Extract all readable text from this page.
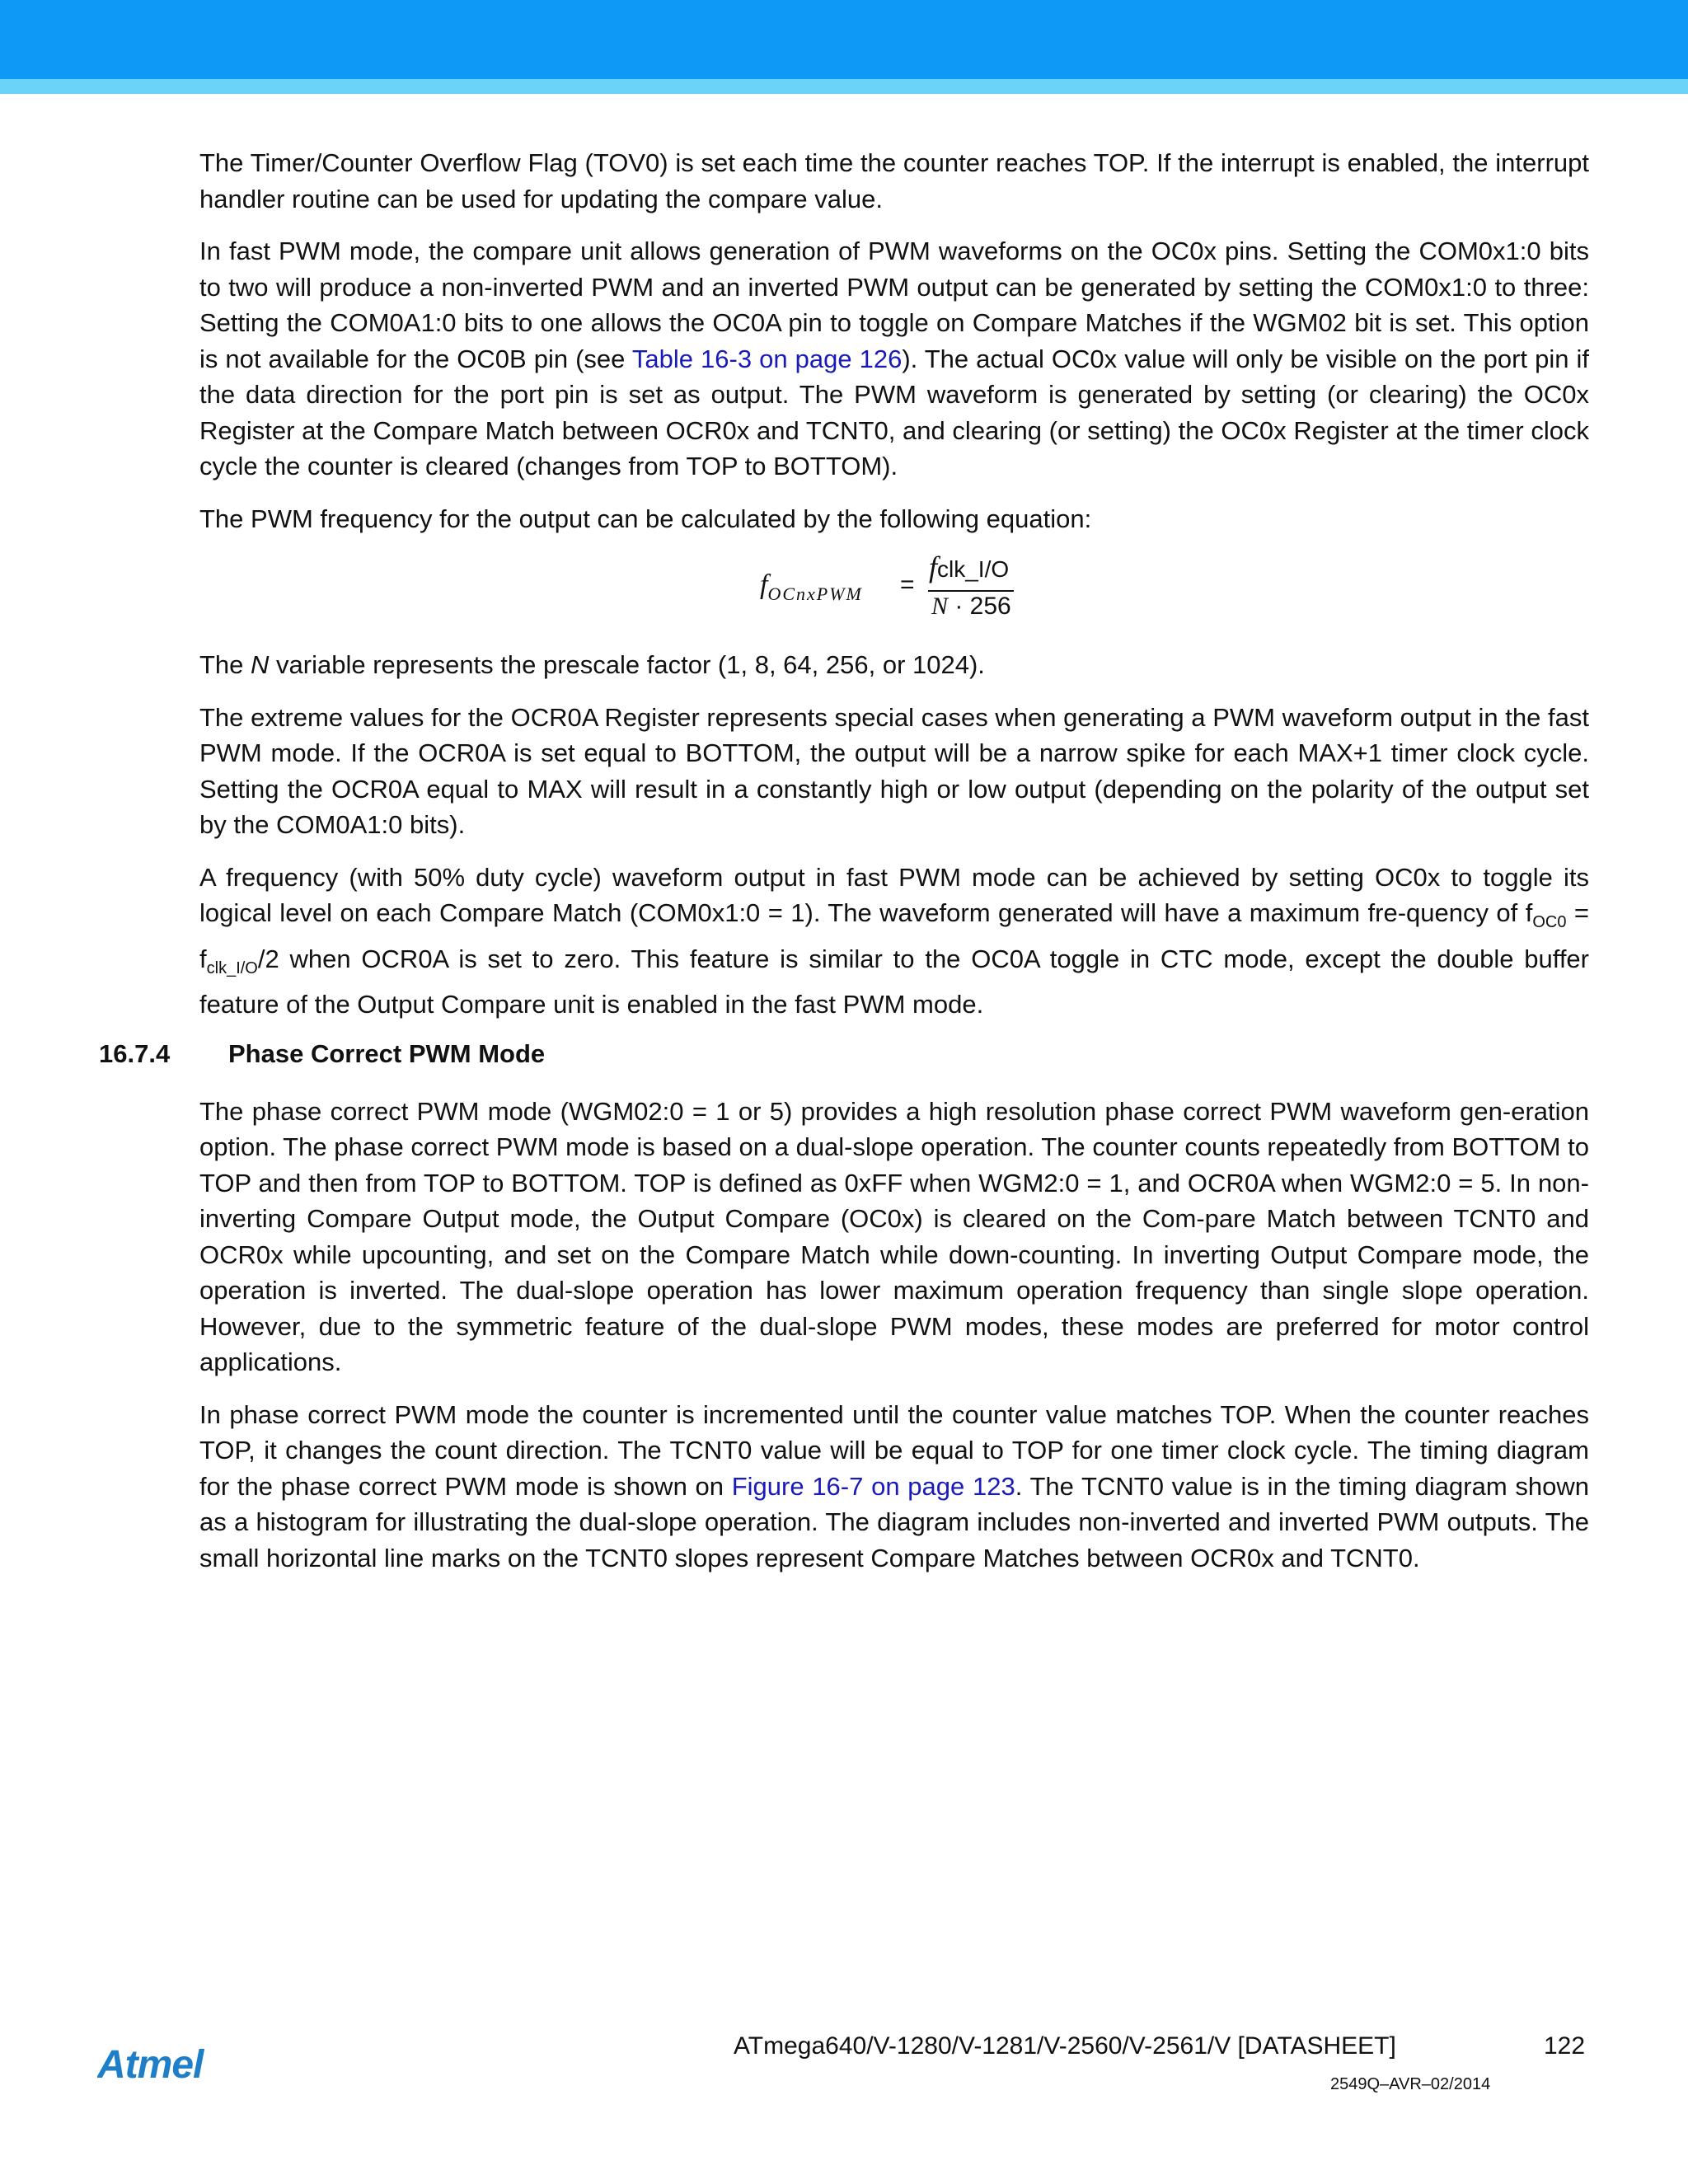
The Timer/Counter Overflow Flag (TOV0) is set each time the counter reaches TOP. If the interrupt is enabled, the interrupt handler routine can be used for updating the compare value.

In fast PWM mode, the compare unit allows generation of PWM waveforms on the OC0x pins. Setting the COM0x1:0 bits to two will produce a non-inverted PWM and an inverted PWM output can be generated by setting the COM0x1:0 to three: Setting the COM0A1:0 bits to one allows the OC0A pin to toggle on Compare Matches if the WGM02 bit is set. This option is not available for the OC0B pin (see Table 16-3 on page 126). The actual OC0x value will only be visible on the port pin if the data direction for the port pin is set as output. The PWM waveform is generated by setting (or clearing) the OC0x Register at the Compare Match between OCR0x and TCNT0, and clearing (or setting) the OC0x Register at the timer clock cycle the counter is cleared (changes from TOP to BOTTOM).

The PWM frequency for the output can be calculated by the following equation:

$f_{OCnxPWM}$ =
fclk_I/O
N · 256

The N variable represents the prescale factor (1, 8, 64, 256, or 1024).

The extreme values for the OCR0A Register represents special cases when generating a PWM waveform output in the fast PWM mode. If the OCR0A is set equal to BOTTOM, the output will be a narrow spike for each MAX+1 timer clock cycle. Setting the OCR0A equal to MAX will result in a constantly high or low output (depending on the polarity of the output set by the COM0A1:0 bits).

A frequency (with 50% duty cycle) waveform output in fast PWM mode can be achieved by setting OC0x to toggle its logical level on each Compare Match (COM0x1:0 = 1). The waveform generated will have a maximum fre-quency of $f_{OC0} = f_{clk\_I/O}/2$ when OCR0A is set to zero. This feature is similar to the OC0A toggle in CTC mode, except the double buffer feature of the Output Compare unit is enabled in the fast PWM mode.

16.7.4 Phase Correct PWM Mode

The phase correct PWM mode (WGM02:0 = 1 or 5) provides a high resolution phase correct PWM waveform gen-eration option. The phase correct PWM mode is based on a dual-slope operation. The counter counts repeatedly from BOTTOM to TOP and then from TOP to BOTTOM. TOP is defined as 0xFF when WGM2:0 = 1, and OCR0A when WGM2:0 = 5. In non-inverting Compare Output mode, the Output Compare (OC0x) is cleared on the Com-pare Match between TCNT0 and OCR0x while upcounting, and set on the Compare Match while down-counting. In inverting Output Compare mode, the operation is inverted. The dual-slope operation has lower maximum operation frequency than single slope operation. However, due to the symmetric feature of the dual-slope PWM modes, these modes are preferred for motor control applications.

In phase correct PWM mode the counter is incremented until the counter value matches TOP. When the counter reaches TOP, it changes the count direction. The TCNT0 value will be equal to TOP for one timer clock cycle. The timing diagram for the phase correct PWM mode is shown on Figure 16-7 on page 123. The TCNT0 value is in the timing diagram shown as a histogram for illustrating the dual-slope operation. The diagram includes non-inverted and inverted PWM outputs. The small horizontal line marks on the TCNT0 slopes represent Compare Matches between OCR0x and TCNT0.

Atmel	ATmega640/V-1280/V-1281/V-2560/V-2561/V [DATASHEET]	122
2549Q–AVR–02/2014
